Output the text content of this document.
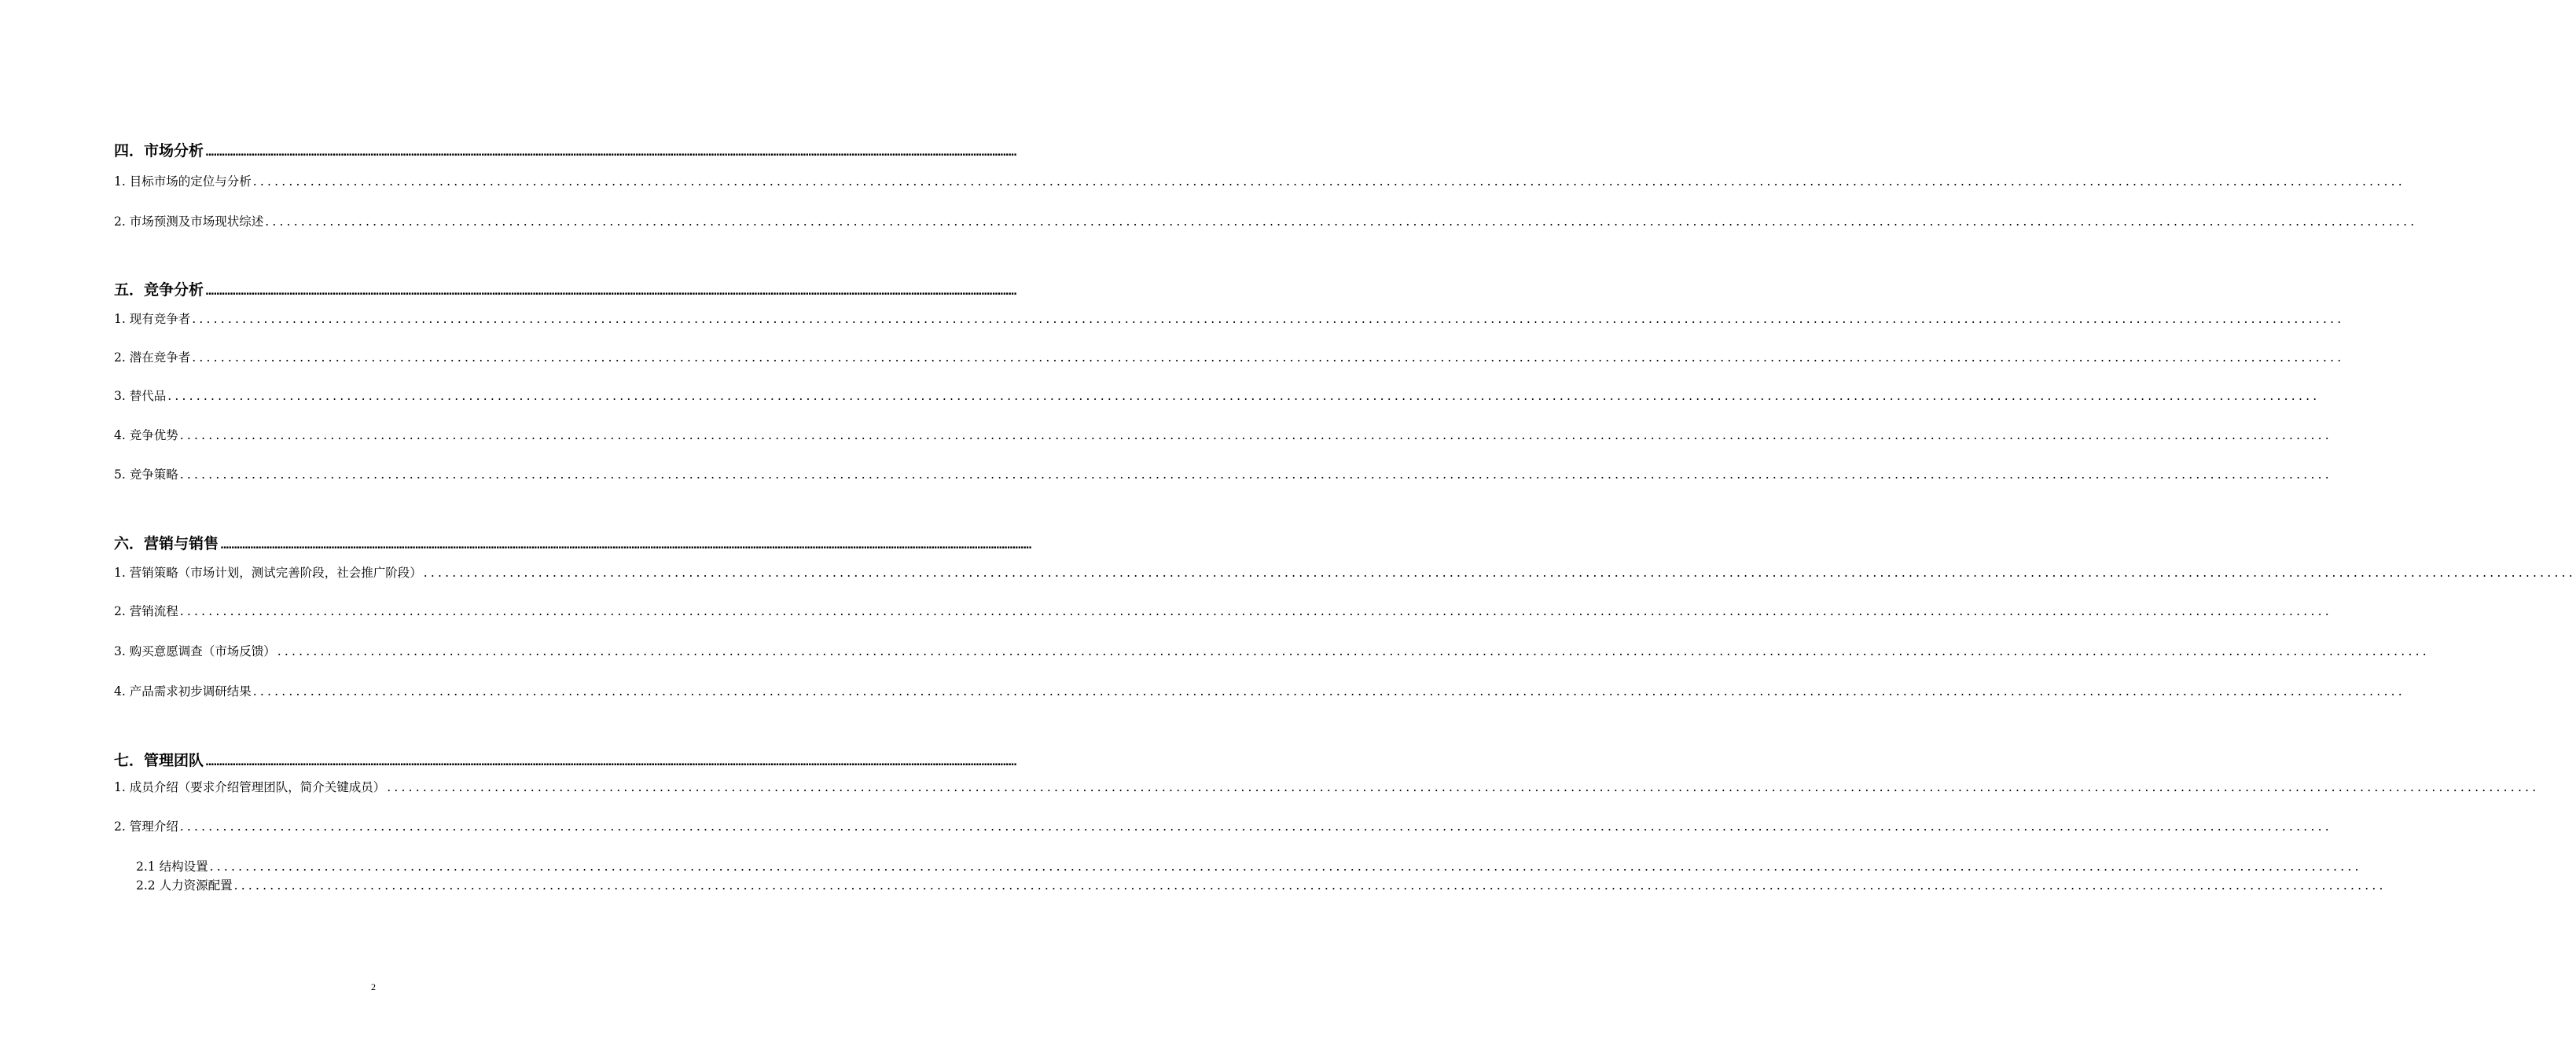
四．市场分析 ............................................................................................................................................................................................................................................................................................................
1. 目标市场的定位与分析 ............................................................................................................................................................................................................................................................................................................
2. 市场预测及市场现状综述 ............................................................................................................................................................................................................................................................................................................
五．竞争分析 ............................................................................................................................................................................................................................................................................................................
1. 现有竞争者 ............................................................................................................................................................................................................................................................................................................
2. 潜在竞争者 ............................................................................................................................................................................................................................................................................................................
3. 替代品 ............................................................................................................................................................................................................................................................................................................
4. 竞争优势 ............................................................................................................................................................................................................................................................................................................
5. 竞争策略 ............................................................................................................................................................................................................................................................................................................
六．营销与销售 ............................................................................................................................................................................................................................................................................................................
1. 营销策略（市场计划，测试完善阶段，社会推广阶段） ............................................................................................................................................................................................................................................................................................................
2. 营销流程 ............................................................................................................................................................................................................................................................................................................
3. 购买意愿调查（市场反馈） ............................................................................................................................................................................................................................................................................................................
4. 产品需求初步调研结果 ............................................................................................................................................................................................................................................................................................................
七．管理团队 ............................................................................................................................................................................................................................................................................................................
1. 成员介绍（要求介绍管理团队，简介关键成员） ............................................................................................................................................................................................................................................................................................................
2. 管理介绍 ............................................................................................................................................................................................................................................................................................................
2.1 结构设置 ............................................................................................................................................................................................................................................................................................................
2.2 人力资源配置 ............................................................................................................................................................................................................................................................................................................
2
